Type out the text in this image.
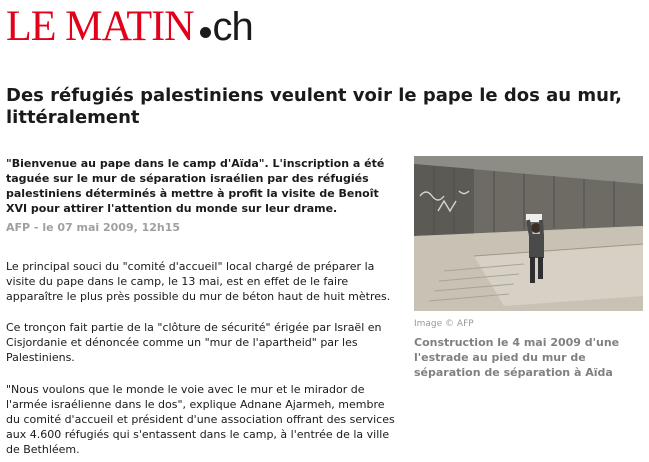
LE MATIN ch
Des réfugiés palestiniens veulent voir le pape le dos au mur, littéralement

"Bienvenue au pape dans le camp d'Aïda". L'inscription a été taguée sur le mur de séparation israélien par des réfugiés palestiniens déterminés à mettre à profit la visite de Benoît XVI pour attirer l'attention du monde sur leur drame.

AFP - le 07 mai 2009, 12h15

Le principal souci du "comité d'accueil" local chargé de préparer la visite du pape dans le camp, le 13 mai, est en effet de le faire apparaître le plus près possible du mur de béton haut de huit mètres.

Ce tronçon fait partie de la "clôture de sécurité" érigée par Israël en Cisjordanie et dénoncée comme un "mur de l'apartheid" par les Palestiniens.

"Nous voulons que le monde le voie avec le mur et le mirador de l'armée israélienne dans le dos", explique Adnane Ajarmeh, membre du comité d'accueil et président d'une association offrant des services aux 4.600 réfugiés qui s'entassent dans le camp, à l'entrée de la ville de Bethléem.

Image © AFP

Construction le 4 mai 2009 d'une l'estrade au pied du mur de séparation de séparation à Aïda
